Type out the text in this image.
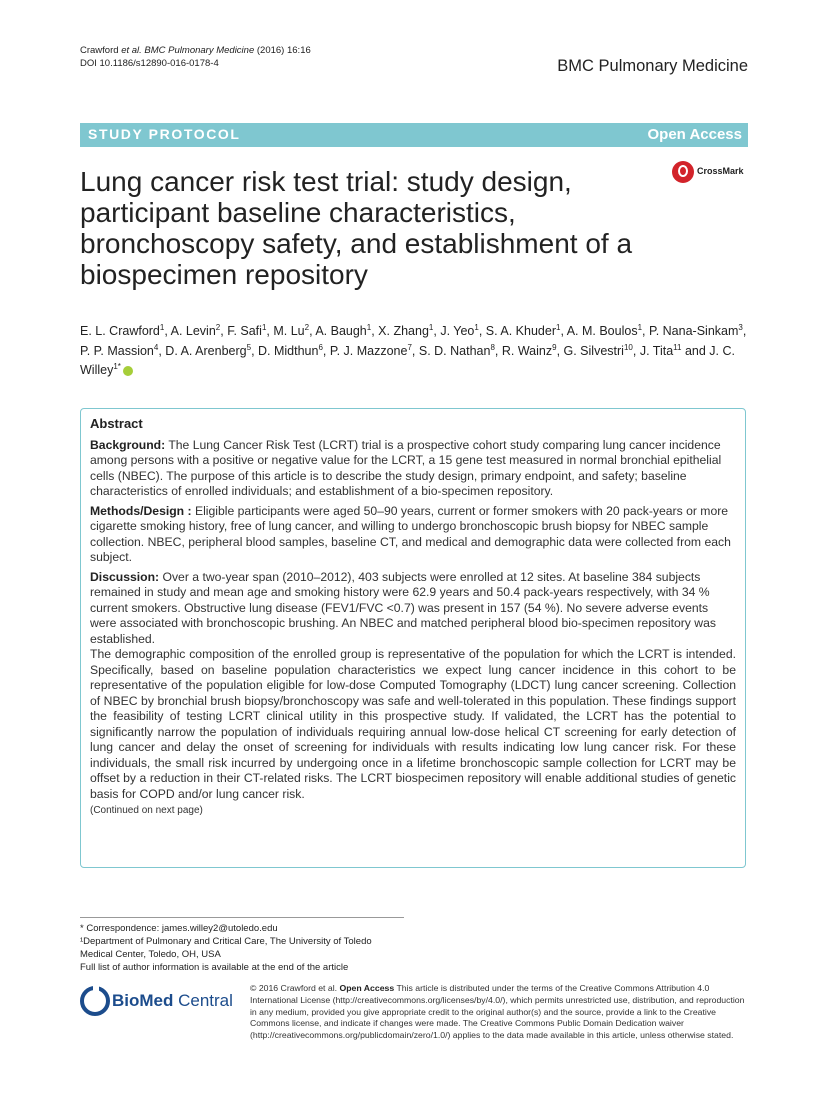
Crawford et al. BMC Pulmonary Medicine (2016) 16:16
DOI 10.1186/s12890-016-0178-4	BMC Pulmonary Medicine
STUDY PROTOCOL	Open Access
CrossMark
Lung cancer risk test trial: study design, participant baseline characteristics, bronchoscopy safety, and establishment of a biospecimen repository
E. L. Crawford$^1$, A. Levin$^2$, F. Safi$^1$, M. Lu$^2$, A. Baugh$^1$, X. Zhang$^1$, J. Yeo$^1$, S. A. Khuder$^1$, A. M. Boulos$^1$, P. Nana-Sinkam$^3$, P. P. Massion$^4$, D. A. Arenberg$^5$, D. Midthun$^6$, P. J. Mazzone$^7$, S. D. Nathan$^8$, R. Wainz$^9$, G. Silvestri$^{10}$, J. Tita$^{11}$ and J. C. Willey$^{1*}$
Abstract

Background: The Lung Cancer Risk Test (LCRT) trial is a prospective cohort study comparing lung cancer incidence among persons with a positive or negative value for the LCRT, a 15 gene test measured in normal bronchial epithelial cells (NBEC). The purpose of this article is to describe the study design, primary endpoint, and safety; baseline characteristics of enrolled individuals; and establishment of a bio-specimen repository.

Methods/Design : Eligible participants were aged 50–90 years, current or former smokers with 20 pack-years or more cigarette smoking history, free of lung cancer, and willing to undergo bronchoscopic brush biopsy for NBEC sample collection. NBEC, peripheral blood samples, baseline CT, and medical and demographic data were collected from each subject.

Discussion: Over a two-year span (2010–2012), 403 subjects were enrolled at 12 sites. At baseline 384 subjects remained in study and mean age and smoking history were 62.9 years and 50.4 pack-years respectively, with 34 % current smokers. Obstructive lung disease (FEV1/FVC <0.7) was present in 157 (54 %). No severe adverse events were associated with bronchoscopic brushing. An NBEC and matched peripheral blood bio-specimen repository was established.

The demographic composition of the enrolled group is representative of the population for which the LCRT is intended. Specifically, based on baseline population characteristics we expect lung cancer incidence in this cohort to be representative of the population eligible for low-dose Computed Tomography (LDCT) lung cancer screening. Collection of NBEC by bronchial brush biopsy/bronchoscopy was safe and well-tolerated in this population. These findings support the feasibility of testing LCRT clinical utility in this prospective study. If validated, the LCRT has the potential to significantly narrow the population of individuals requiring annual low-dose helical CT screening for early detection of lung cancer and delay the onset of screening for individuals with results indicating low lung cancer risk. For these individuals, the small risk incurred by undergoing once in a lifetime bronchoscopic sample collection for LCRT may be offset by a reduction in their CT-related risks. The LCRT biospecimen repository will enable additional studies of genetic basis for COPD and/or lung cancer risk.

(Continued on next page)
* Correspondence: james.willey2@utoledo.edu
¹Department of Pulmonary and Critical Care, The University of Toledo
Medical Center, Toledo, OH, USA
Full list of author information is available at the end of the article
BioMed Central
© 2016 Crawford et al. Open Access This article is distributed under the terms of the Creative Commons Attribution 4.0 International License (http://creativecommons.org/licenses/by/4.0/), which permits unrestricted use, distribution, and reproduction in any medium, provided you give appropriate credit to the original author(s) and the source, provide a link to the Creative Commons license, and indicate if changes were made. The Creative Commons Public Domain Dedication waiver (http://creativecommons.org/publicdomain/zero/1.0/) applies to the data made available in this article, unless otherwise stated.
